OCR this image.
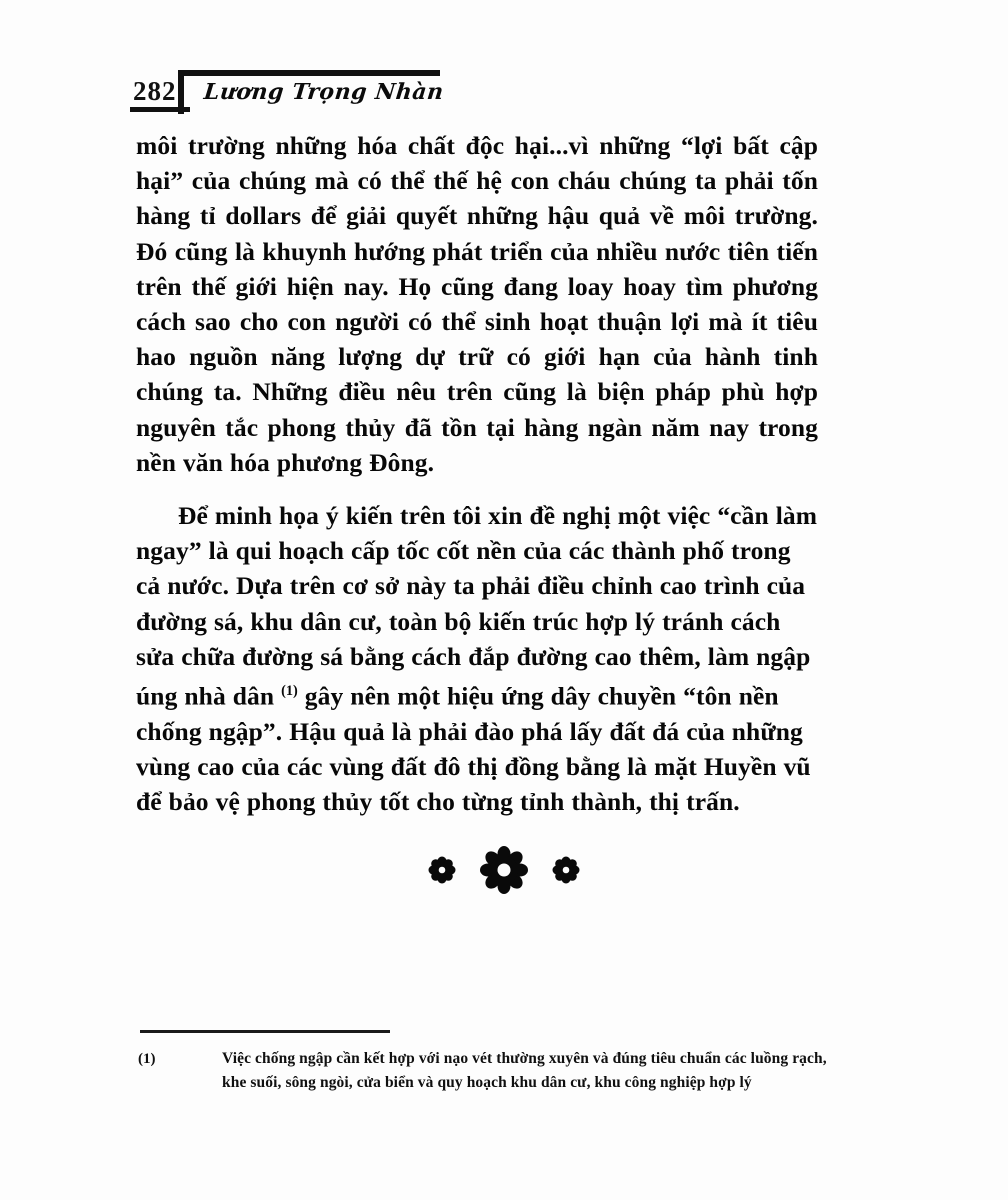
282 Lương Trọng Nhàn

môi trường những hóa chất độc hại...vì những “lợi bất cập hại” của chúng mà có thể thế hệ con cháu chúng ta phải tốn hàng tỉ dollars để giải quyết những hậu quả về môi trường. Đó cũng là khuynh hướng phát triển của nhiều nước tiên tiến trên thế giới hiện nay. Họ cũng đang loay hoay tìm phương cách sao cho con người có thể sinh hoạt thuận lợi mà ít tiêu hao nguồn năng lượng dự trữ có giới hạn của hành tinh chúng ta. Những điều nêu trên cũng là biện pháp phù hợp nguyên tắc phong thủy đã tồn tại hàng ngàn năm nay trong nền văn hóa phương Đông.

Để minh họa ý kiến trên tôi xin đề nghị một việc “cần làm ngay” là qui hoạch cấp tốc cốt nền của các thành phố trong cả nước. Dựa trên cơ sở này ta phải điều chỉnh cao trình của đường sá, khu dân cư, toàn bộ kiến trúc hợp lý tránh cách sửa chữa đường sá bằng cách đắp đường cao thêm, làm ngập úng nhà dân $^{(1)}$ gây nên một hiệu ứng dây chuyền “tôn nền chống ngập”. Hậu quả là phải đào phá lấy đất đá của những vùng cao của các vùng đất đô thị đồng bằng là mặt Huyền vũ để bảo vệ phong thủy tốt cho từng tỉnh thành, thị trấn.

(1)	Việc chống ngập cần kết hợp với nạo vét thường xuyên và đúng tiêu chuẩn các luồng rạch, khe suối, sông ngòi, cửa biển và quy hoạch khu dân cư, khu công nghiệp hợp lý
